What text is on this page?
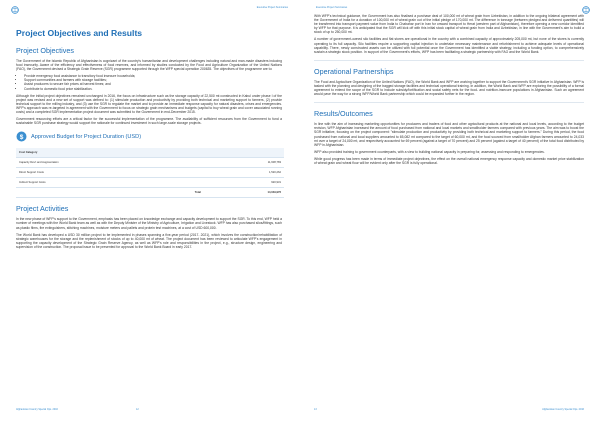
Executive Project Summaries
Project Objectives and Results
Project Objectives

The Government of the Islamic Republic of Afghanistan is cognizant of the country's humanitarian and development challenges including natural and man-made disasters inducing food insecurity. Aware of the efficiency and effectiveness of food reserves, and informed by studies conducted by the Food and Agriculture Organization of the United Nations (FAO), the Government devised a Strategic Grain Reserve (SGR) programme supported through the WFP special operation 200635. The objectives of the programme are to:

• Provide emergency food assistance to transitory food insecure households;
• Support communities and farmers with storage facilities;
• Assist producers to secure fair prices at harvest times; and
• Contribute to domestic food price stabilization.

Although the initial project objectives remained unchanged in 2016, the focus on infrastructure such as the storage capacity of 22,500 mt constructed in Kabul under phase I of the project was revised and a new set of support was defined to: (1) stimulate production and productivity by providing both technical and marketing support to farmers, (2) provide technical support to the milling industry, and (3) use the SGR to regulate the market and to provide an immediate response capacity for natural disasters, crises and emergencies. WFP's approach was re-targeted in agreement with the Government to focus on strategic grain mechanisms and budgets (capital to buy wheat grain and cover associated running costs) and a completed SGR implementation project document was submitted to the Government in end-December 2015.

Government resourcing efforts are a critical factor for the successful implementation of the programme. The availability of sufficient resources from the Government to fund a sustainable SGR purchase strategy would support the rationale for continued investment in such large-scale storage projects.

$ Approved Budget for Project Duration (USD)
Cost Category	
Capacity Dev't and Augmentation	11,608,783
Direct Support Costs	1,520,262
Indirect Support Costs	920,931
Total	14,049,976
Project Activities

In the new phase of WFP's support to the Government, emphasis has been placed on knowledge exchange and capacity development to support the SGR. To this end, WFP held a number of meetings with the World Bank team as well as with the Deputy Minister of the Ministry of Agriculture, Irrigation and Livestock. WFP has also purchased silos/fittings, such as plastic films, fire extinguishers, stitching machines, moisture meters and pallets and protein test machines, at a cost of USD 600,000.

The World Bank has developed a USD 30 million project to be implemented in phases spanning a five-year period (2017- 2021), which involves the construction/rehabilitation of strategic warehouses for the storage and the replenishment of stocks of up to 40,000 mt of wheat. The project document has been reviewed to articulate WFP's engagement in supporting the capacity development of the Strategic Grain Reserve Agency, as well as WFP's role and responsibilities in the project, e.g., structure design, engineering and supervision of the construction. The proposal issue to be presented for approval to the World Bank Board in early 2017.

Afghanistan Country Special Ops. 2016	12
Executive Project Summaries

With WFP's technical guidance, the Government has also finalised a purchase deal of 100,000 mt of wheat grain from Uzbekistan, in addition to the ongoing bilateral agreement with the Government of India for a donation of 100,000 mt of wheat grain out of the initial pledge of 170,000 mt. The difference in tonnage (between pledged and delivered quantities) will be transferred into transport payment value from India to Chabahar port in Iran for onward transport to Herat (western part of Afghanistan), therefore opening a new corridor identified by WFP for that purpose. It is anticipated that the SGR will kick off with this initial stock capital of wheat grain from India and Uzbekistan, in line with the Government's aim to build a stock of up to 250,000 mt.

A number of government-owned silo facilities and flat stores are operational in the country with a combined capacity of approximately 205,000 mt, but none of the stores is currently operating to its full capacity. Silo facilities require a supporting capital injection to undertake necessary maintenance and refurbishment to achieve adequate levels of operational capability. There, newly constructed assets can be utilized with full potential once the Government has identified a viable strategy, including a funding option, to comprehensively sustain a strategic stock position. In support of the Government's efforts, WFP has been facilitating a strategic partnership with FAO and the World Bank.

Operational Partnerships

The Food and Agriculture Organization of the United Nations (FAO), the World Bank and WFP are working together to support the Government's SGR initiative in Afghanistan. WFP is tasked with the planning and designing of the bagged storage facilities and technical operational training. In addition, the World Bank and WFP are exploring the possibility of a formal agreement to extend the scope of the SGR to include subsidy/fortification and social safety nets for the food- and nutrition-insecure populations in Afghanistan. Such an agreement would pave the way for a strong WFP/World Bank partnership which could be expanded further in the region.

Results/Outcomes

In line with the aim of increasing marketing opportunities for producers and traders of food and other agricultural products at the national and local levels, according to the budget revision, WFP Afghanistan increased the amount of food purchased from national and local markets and smallholder farmers compared with previous years. The aim was to boost the SGR initiative, focusing on the project component: "stimulate production and productivity by providing both technical and marketing support to farmers." During this period, the food purchased from national and local suppliers amounted to 65,082 mt compared to the target of 60,000 mt, and the food sourced from smallholder Afghan farmers amounted to 24,033 mt over a target of 24,000 mt, and respectively accounted for 69 percent (against a target of 70 percent) and 25 percent (against a target of 40 percent) of the total food distributed by WFP in Afghanistan.

WFP also provided training to government counterparts, with a view to building national capacity in preparing for, assessing and responding to emergencies.

While good progress has been made in terms of immediate project objectives, the effect on the overall national emergency response capacity and domestic market price stabilization of wheat grain and wheat flour will be evident only after the SGR is fully operational.

13	Afghanistan Country Special Ops. 2016
